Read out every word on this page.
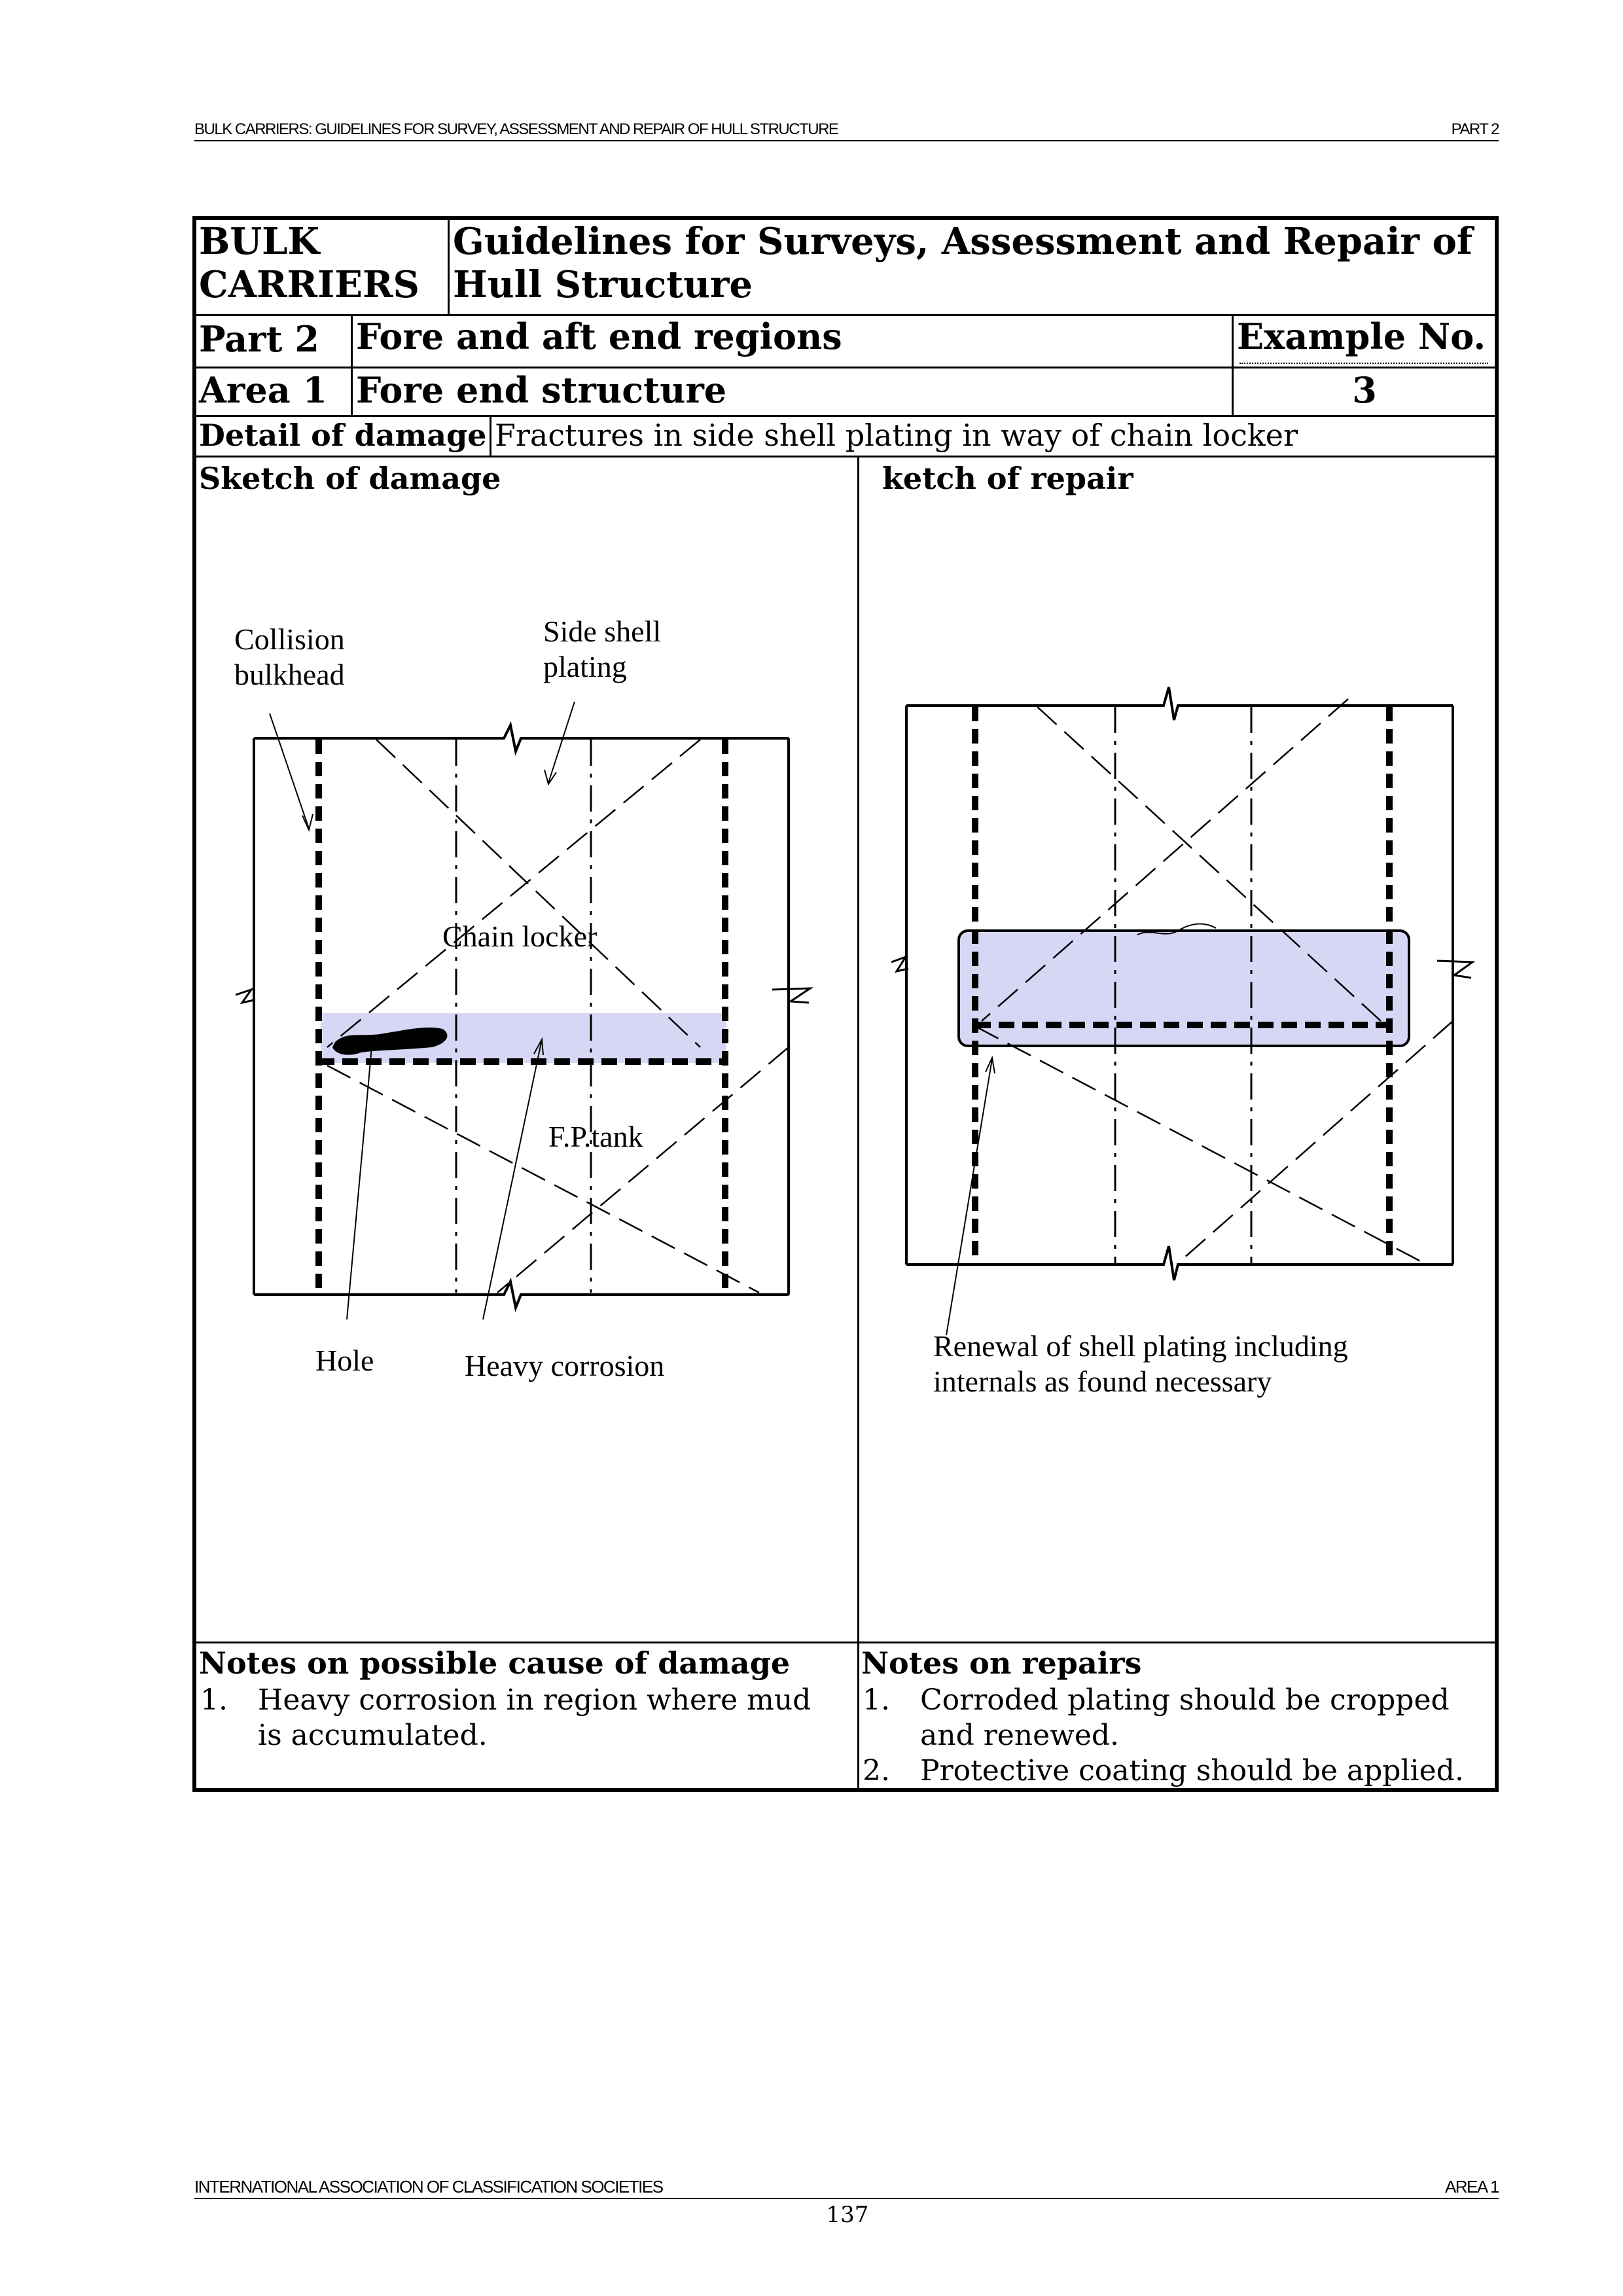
BULK CARRIERS: GUIDELINES FOR SURVEY, ASSESSMENT AND REPAIR OF HULL STRUCTURE	PART 2
BULK
CARRIERS
Guidelines for Surveys, Assessment and Repair of
Hull Structure
Part 2 Fore and aft end regions	Example No.
Area 1 Fore end structure	3
Detail of damage Fractures in side shell plating in way of chain locker
Sketch of damage	ketch of repair
Notes on possible cause of damage
1. Heavy corrosion in region where mud
is accumulated.
Notes on repairs
1. Corroded plating should be cropped
and renewed.
2. Protective coating should be applied.
Collision
bulkhead
Side shell
plating
Chain locker
F.P.tank
Hole	Heavy corrosion
Renewal of shell plating including
internals as found necessary
INTERNATIONAL ASSOCIATION OF CLASSIFICATION SOCIETIES	AREA 1
137
